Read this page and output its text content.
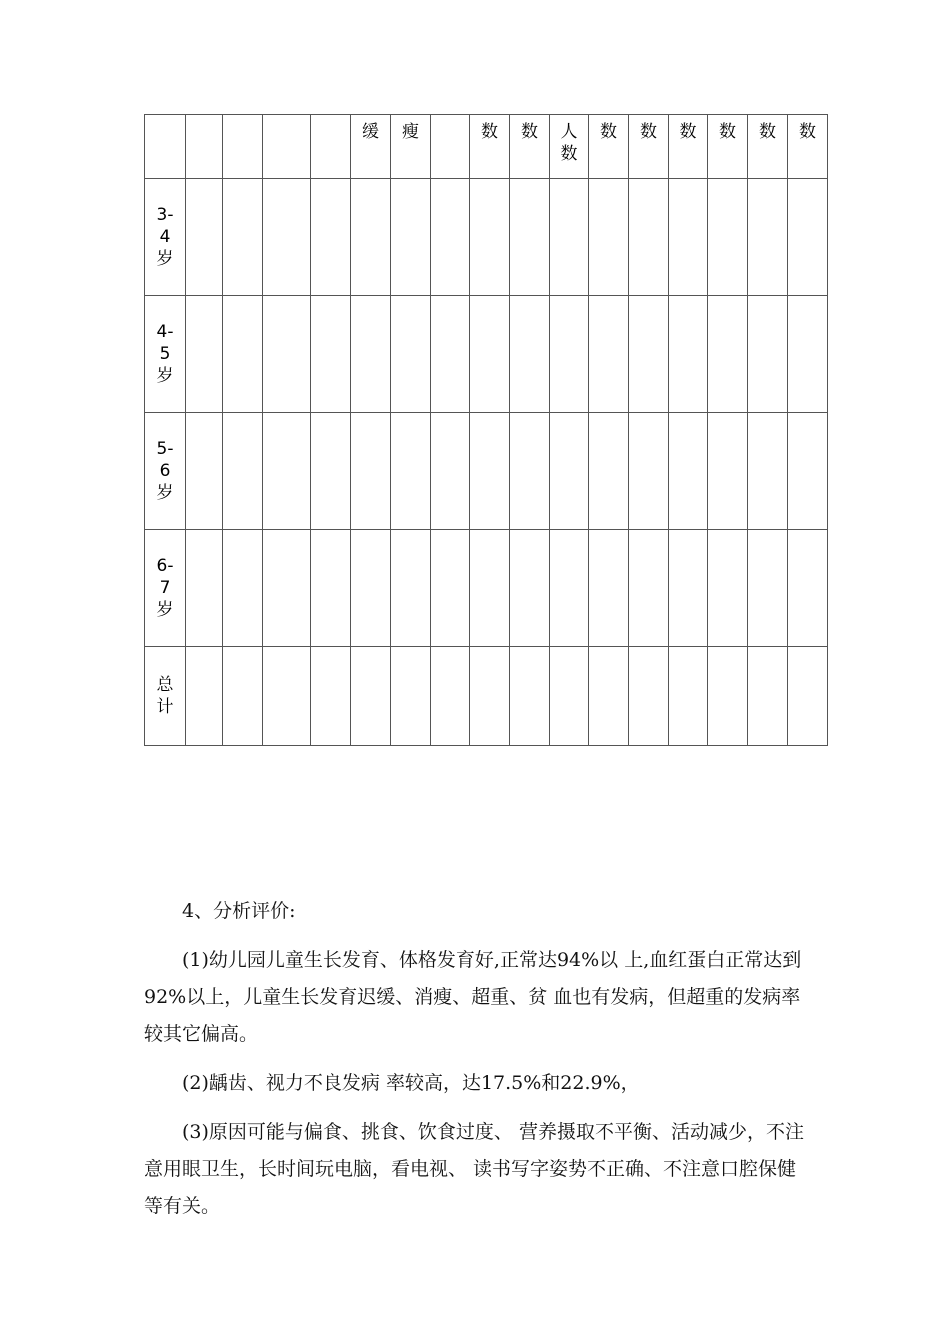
					缓	瘦		数	数	人数	数	数	数	数	数	数

3-4岁																

4-5岁																

5-6岁																

6-7岁																

总计																

4、分析评价:

(1)幼儿园儿童生长发育、体格发育好,正常达94%以 上,血红蛋白正常达到92%以上，儿童生长发育迟缓、消瘦、超重、贫 血也有发病，但超重的发病率较其它偏高。

(2)龋齿、视力不良发病 率较高，达17.5%和22.9%，

(3)原因可能与偏食、挑食、饮食过度、 营养摄取不平衡、活动减少，不注意用眼卫生，长时间玩电脑，看电视、 读书写字姿势不正确、不注意口腔保健等有关。
